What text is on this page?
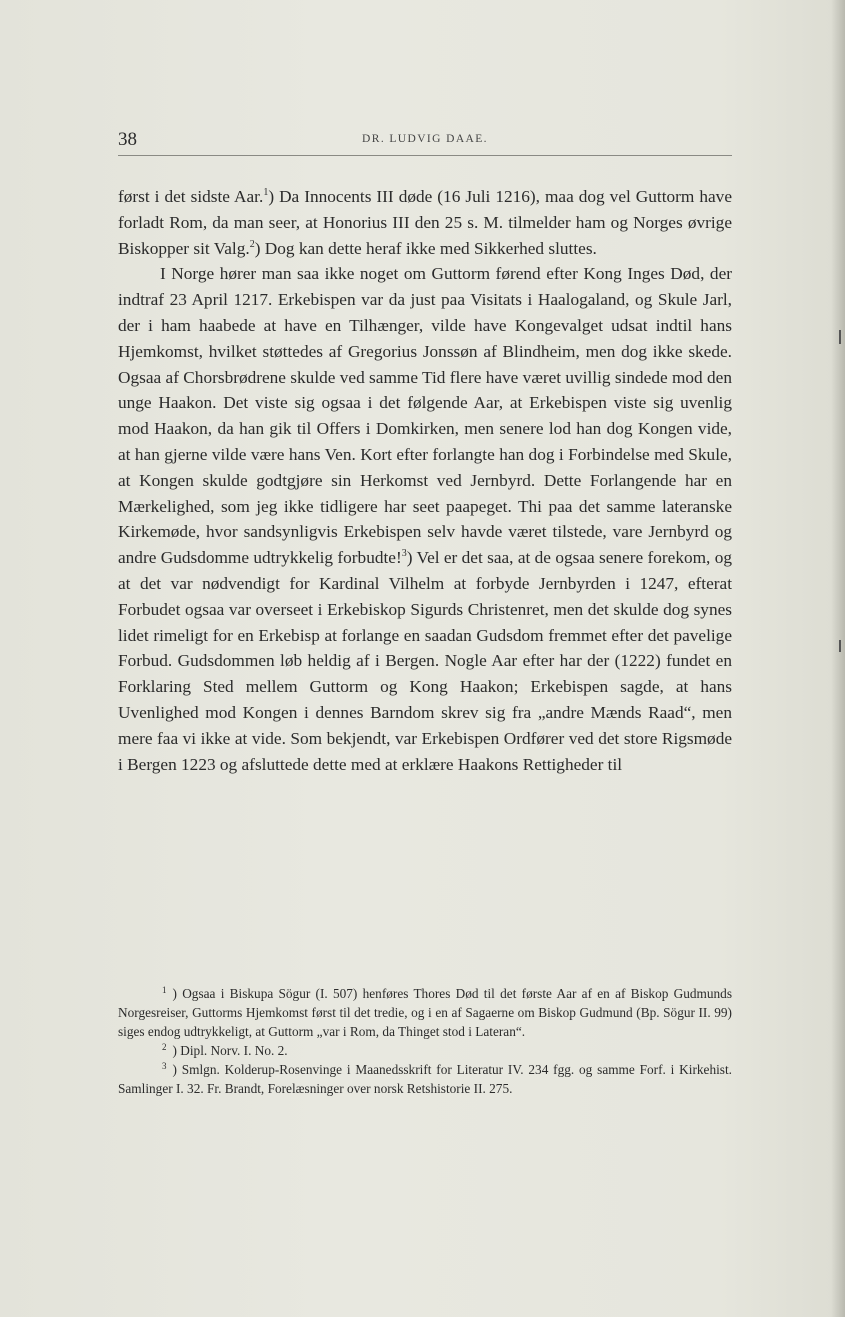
38	DR. LUDVIG DAAE.

først i det sidste Aar.$^1$) Da Innocents III døde (16 Juli 1216), maa dog vel Guttorm have forladt Rom, da man seer, at Honorius III den 25 s. M. tilmelder ham og Norges øvrige Biskopper sit Valg.$^2$) Dog kan dette heraf ikke med Sikkerhed sluttes.

I Norge hører man saa ikke noget om Guttorm førend efter Kong Inges Død, der indtraf 23 April 1217. Erkebispen var da just paa Visitats i Haalogaland, og Skule Jarl, der i ham haabede at have en Tilhænger, vilde have Kongevalget udsat indtil hans Hjemkomst, hvilket støttedes af Gregorius Jonssøn af Blindheim, men dog ikke skede. Ogsaa af Chorsbrødrene skulde ved samme Tid flere have været uvillig sindede mod den unge Haakon. Det viste sig ogsaa i det følgende Aar, at Erkebispen viste sig uvenlig mod Haakon, da han gik til Offers i Domkirken, men senere lod han dog Kongen vide, at han gjerne vilde være hans Ven. Kort efter forlangte han dog i Forbindelse med Skule, at Kongen skulde godtgjøre sin Herkomst ved Jernbyrd. Dette Forlangende har en Mærkelighed, som jeg ikke tidligere har seet paapeget. Thi paa det samme lateranske Kirkemøde, hvor sandsynligvis Erkebispen selv havde været tilstede, vare Jernbyrd og andre Gudsdomme udtrykkelig forbudte!$^3$) Vel er det saa, at de ogsaa senere forekom, og at det var nødvendigt for Kardinal Vilhelm at forbyde Jernbyrden i 1247, efterat Forbudet ogsaa var overseet i Erkebiskop Sigurds Christenret, men det skulde dog synes lidet rimeligt for en Erkebisp at forlange en saadan Gudsdom fremmet efter det pavelige Forbud. Gudsdommen løb heldig af i Bergen. Nogle Aar efter har der (1222) fundet en Forklaring Sted mellem Guttorm og Kong Haakon; Erkebispen sagde, at hans Uvenlighed mod Kongen i dennes Barndom skrev sig fra „andre Mænds Raad“, men mere faa vi ikke at vide. Som bekjendt, var Erkebispen Ordfører ved det store Rigsmøde i Bergen 1223 og afsluttede dette med at erklære Haakons Rettigheder til

$^1$ ) Ogsaa i Biskupa Sögur (I. 507) henføres Thores Død til det første Aar af en af Biskop Gudmunds Norgesreiser, Guttorms Hjemkomst først til det tredie, og i en af Sagaerne om Biskop Gudmund (Bp. Sögur II. 99) siges endog udtrykkeligt, at Guttorm „var i Rom, da Thinget stod i Lateran“.

$^2$ ) Dipl. Norv. I. No. 2.

$^3$ ) Smlgn. Kolderup-Rosenvinge i Maanedsskrift for Literatur IV. 234 fgg. og samme Forf. i Kirkehist. Samlinger I. 32. Fr. Brandt, Forelæsninger over norsk Retshistorie II. 275.
